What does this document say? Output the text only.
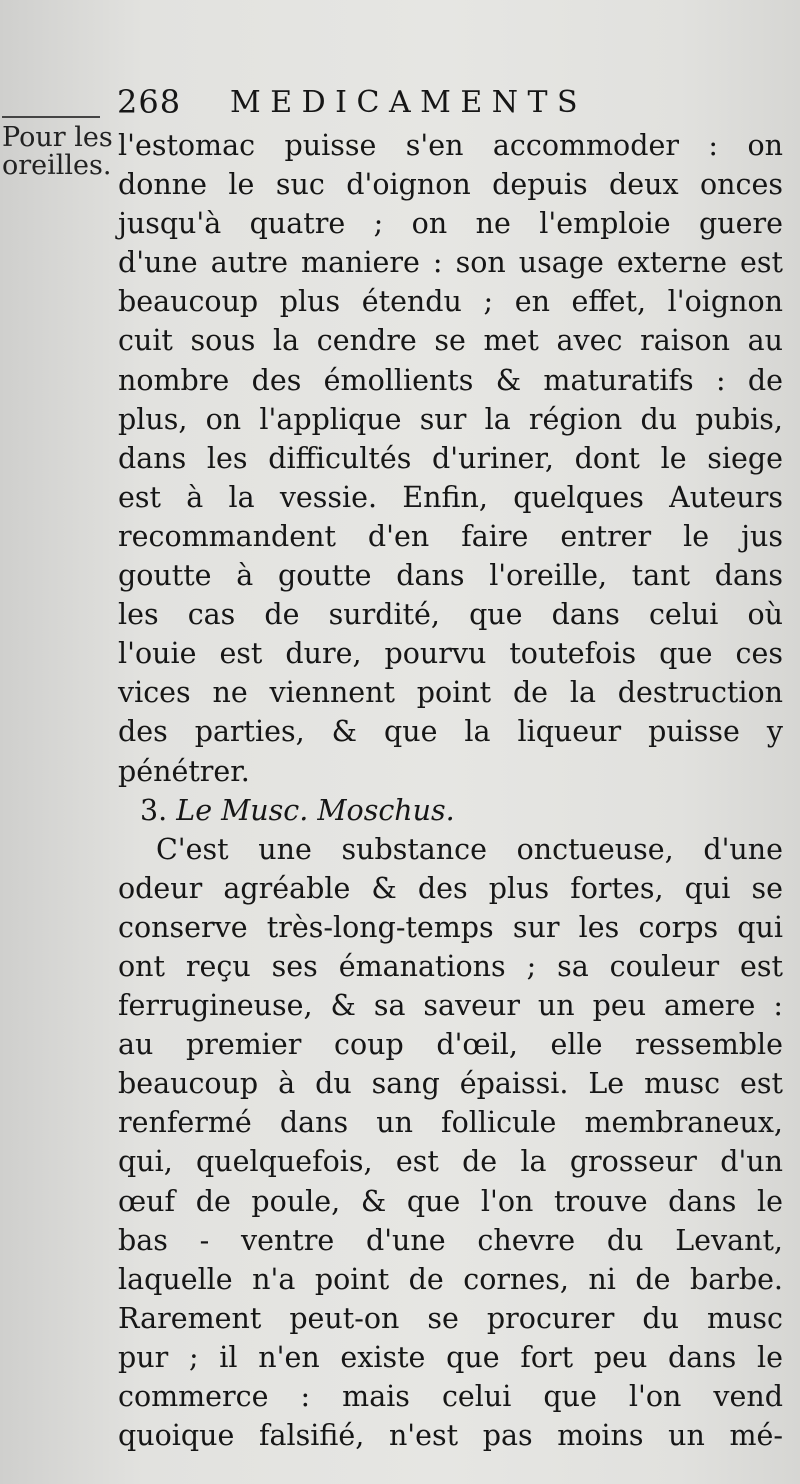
268 MEDICAMENTS
Pour les
oreilles.
l'estomac puisse s'en accommoder : on
donne le suc d'oignon depuis deux onces
jusqu'à quatre ; on ne l'emploie guere
d'une autre maniere : son usage externe est
beaucoup plus étendu ; en effet, l'oignon
cuit sous la cendre se met avec raison au
nombre des émollients & maturatifs : de
plus, on l'applique sur la région du pubis,
dans les difficultés d'uriner, dont le siege
est à la vessie. Enfin, quelques Auteurs
recommandent d'en faire entrer le jus
goutte à goutte dans l'oreille, tant dans
les cas de surdité, que dans celui où
l'ouie est dure, pourvu toutefois que ces
vices ne viennent point de la destruction
des parties, & que la liqueur puisse y
pénétrer.
3. Le Musc. Moschus.
C'est une substance onctueuse, d'une
odeur agréable & des plus fortes, qui se
conserve très-long-temps sur les corps qui
ont reçu ses émanations ; sa couleur est
ferrugineuse, & sa saveur un peu amere :
au premier coup d'œil, elle ressemble
beaucoup à du sang épaissi. Le musc est
renfermé dans un follicule membraneux,
qui, quelquefois, est de la grosseur d'un
œuf de poule, & que l'on trouve dans le
bas - ventre d'une chevre du Levant,
laquelle n'a point de cornes, ni de barbe.
Rarement peut-on se procurer du musc
pur ; il n'en existe que fort peu dans le
commerce : mais celui que l'on vend
quoique falsifié, n'est pas moins un mé-
